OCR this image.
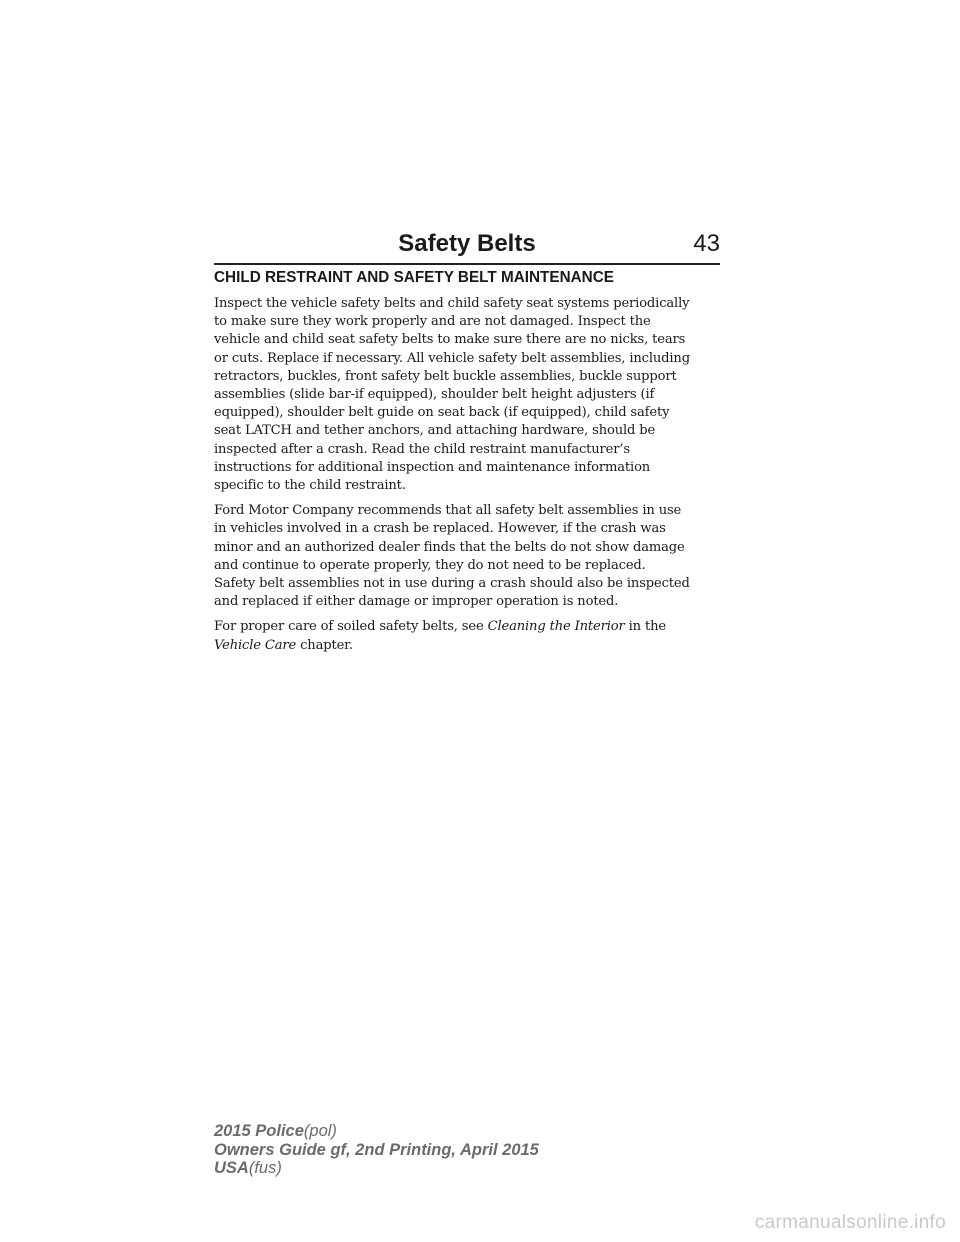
Safety Belts	43
CHILD RESTRAINT AND SAFETY BELT MAINTENANCE
Inspect the vehicle safety belts and child safety seat systems periodically
to make sure they work properly and are not damaged. Inspect the
vehicle and child seat safety belts to make sure there are no nicks, tears
or cuts. Replace if necessary. All vehicle safety belt assemblies, including
retractors, buckles, front safety belt buckle assemblies, buckle support
assemblies (slide bar-if equipped), shoulder belt height adjusters (if
equipped), shoulder belt guide on seat back (if equipped), child safety
seat LATCH and tether anchors, and attaching hardware, should be
inspected after a crash. Read the child restraint manufacturer’s
instructions for additional inspection and maintenance information
specific to the child restraint.
Ford Motor Company recommends that all safety belt assemblies in use
in vehicles involved in a crash be replaced. However, if the crash was
minor and an authorized dealer finds that the belts do not show damage
and continue to operate properly, they do not need to be replaced.
Safety belt assemblies not in use during a crash should also be inspected
and replaced if either damage or improper operation is noted.
For proper care of soiled safety belts, see Cleaning the Interior in the
Vehicle Care chapter.
2015 Police(pol)
Owners Guide gf, 2nd Printing, April 2015
USA(fus)
carmanualsonline.info
